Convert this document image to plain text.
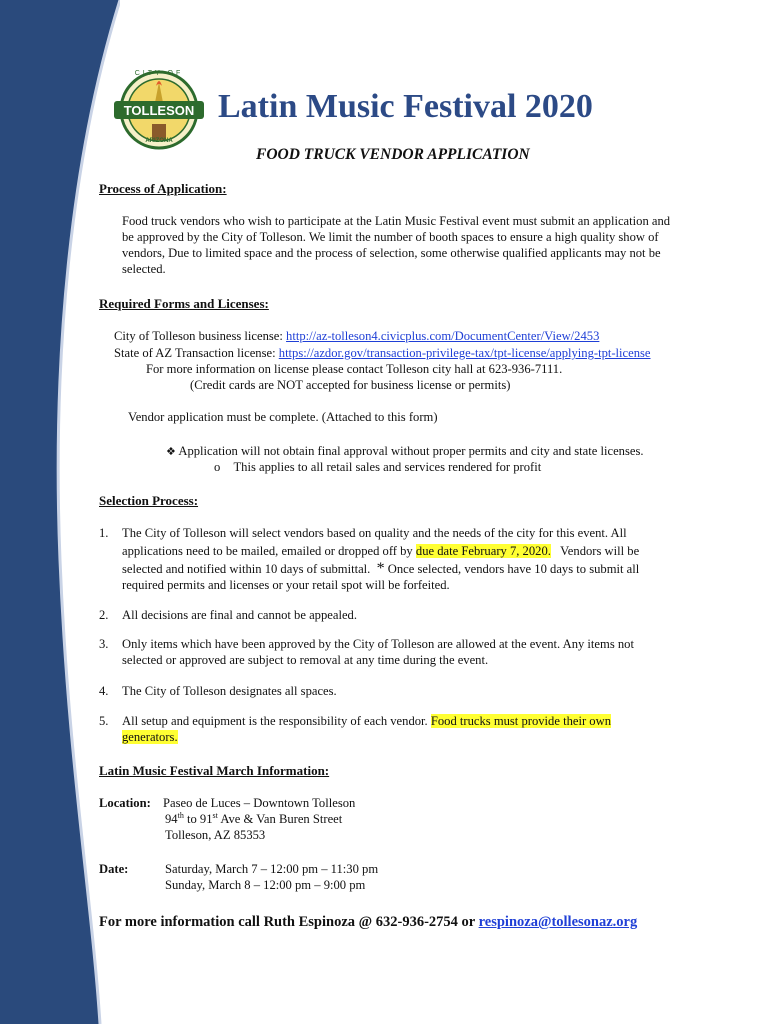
CITY OF
TOLLESON
ARIZONA
Latin Music Festival 2020
FOOD TRUCK VENDOR APPLICATION
Process of Application:
Food truck vendors who wish to participate at the Latin Music Festival event must submit an application and
be approved by the City of Tolleson. We limit the number of booth spaces to ensure a high quality show of
vendors, Due to limited space and the process of selection, some otherwise qualified applicants may not be
selected.
Required Forms and Licenses:
City of Tolleson business license: http://az-tolleson4.civicplus.com/DocumentCenter/View/2453
State of AZ Transaction license: https://azdor.gov/transaction-privilege-tax/tpt-license/applying-tpt-license
For more information on license please contact Tolleson city hall at 623-936-7111.
(Credit cards are NOT accepted for business license or permits)
Vendor application must be complete. (Attached to this form)
❖ Application will not obtain final approval without proper permits and city and state licenses.
o This applies to all retail sales and services rendered for profit
Selection Process:
1. The City of Tolleson will select vendors based on quality and the needs of the city for this event. All
applications need to be mailed, emailed or dropped off by due date February 7, 2020.   Vendors will be
selected and notified within 10 days of submittal.  * Once selected, vendors have 10 days to submit all
required permits and licenses or your retail spot will be forfeited.
2. All decisions are final and cannot be appealed.
3. Only items which have been approved by the City of Tolleson are allowed at the event. Any items not
selected or approved are subject to removal at any time during the event.
4. The City of Tolleson designates all spaces.
5. All setup and equipment is the responsibility of each vendor. Food trucks must provide their own
generators.
Latin Music Festival March Information:
Location: Paseo de Luces – Downtown Tolleson
94th to 91st Ave & Van Buren Street
Tolleson, AZ 85353
Date:	Saturday, March 7 – 12:00 pm – 11:30 pm
Sunday, March 8 – 12:00 pm – 9:00 pm
For more information call Ruth Espinoza @ 632-936-2754 or respinoza@tollesonaz.org
